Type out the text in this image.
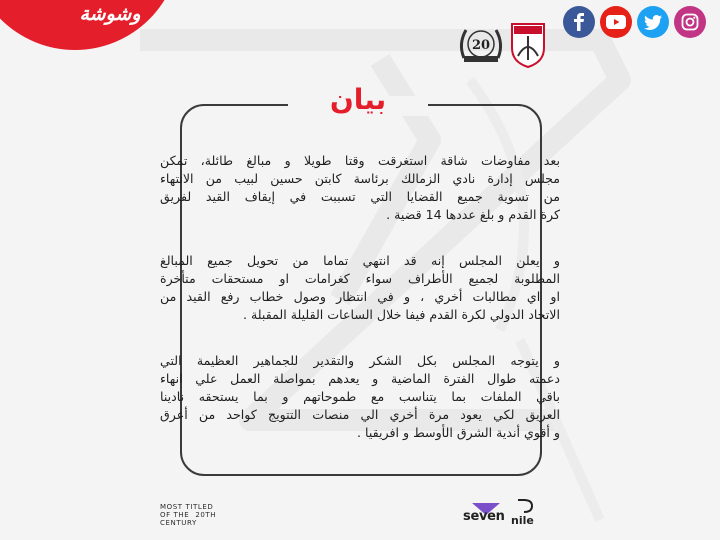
وشوشة
20
بيان

بعد مفاوضات شاقة استغرقت وقتا طويلا و مبالغ طائلة، تمكن
مجلس إدارة نادي الزمالك برئاسة كابتن حسين لبيب من الانتهاء
من تسوية جميع القضايا التي تسببت في إيقاف القيد لفريق
كرة القدم و بلغ عددها 14 قضية .

و يعلن المجلس إنه قد انتهي تماما من تحويل جميع المبالغ
المطلوبة لجميع الأطراف سواء كغرامات او مستحقات متأخرة
او اي مطالبات أخري ، و في انتظار وصول خطاب رفع القيد من
الاتحاد الدولي لكرة القدم فيفا خلال الساعات القليلة المقبلة .

و يتوجه المجلس بكل الشكر والتقدير للجماهير العظيمة التي
دعمته طوال الفترة الماضية و يعدهم بمواصلة العمل علي انهاء
باقي الملفات بما يتناسب مع طموحاتهم و بما يستحقه نادينا
العريق لكي يعود مرة أخري الي منصات التتويج كواحد من أعرق
و أقوي أندية الشرق الأوسط و افريقيا .

MOST TITLED
OF THE 20TH
CENTURY	seven nile
